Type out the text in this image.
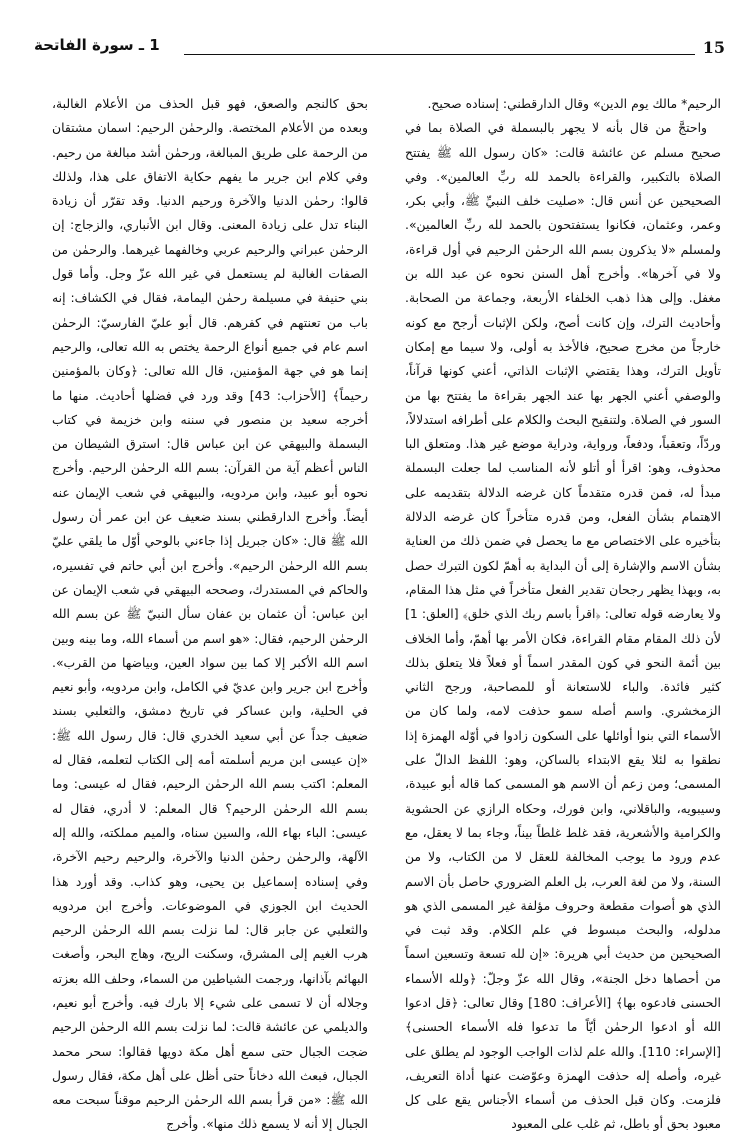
15
1 ـ سورة الفاتحة

الرحيم* مالك يوم الدين» وقال الدارقطني: إسناده صحيح.

واحتجَّ من قال بأنه لا يجهر بالبسملة في الصلاة بما في صحيح مسلم عن عائشة قالت: «كان رسول الله ﷺ يفتتح الصلاة بالتكبير، والقراءة بالحمد لله ربِّ العالمين». وفي الصحيحين عن أنس قال: «صليت خلف النبيِّ ﷺ، وأبي بكر، وعمر، وعثمان، فكانوا يستفتحون بالحمد لله ربِّ العالمين». ولمسلم «لا يذكرون بسم الله الرحمٰن الرحيم في أول قراءة، ولا في آخرها». وأخرج أهل السنن نحوه عن عبد الله بن مغفل. وإلى هذا ذهب الخلفاء الأربعة، وجماعة من الصحابة. وأحاديث الترك، وإن كانت أصح، ولكن الإثبات أرجح مع كونه خارجاً من مخرج صحيح، فالأخذ به أولى، ولا سيما مع إمكان تأويل الترك، وهذا يقتضي الإثبات الذاتي، أعني كونها قرآناً، والوصفي أعني الجهر بها عند الجهر بقراءة ما يفتتح بها من السور في الصلاة. ولتنقيح البحث والكلام على أطرافه استدلالاً، وردّاً، وتعقباً، ودفعاً، ورواية، ودراية موضع غير هذا. ومتعلق البا محذوف، وهو: اقرأ أو أتلو لأنه المناسب لما جعلت البسملة مبدأ له، فمن قدره متقدماً كان غرضه الدلالة بتقديمه على الاهتمام بشأن الفعل، ومن قدره متأخراً كان غرضه الدلالة بتأخيره على الاختصاص مع ما يحصل في ضمن ذلك من العناية بشأن الاسم والإشارة إلى أن البداية به أهمّ لكون التبرك حصل به، وبهذا يظهر رجحان تقدير الفعل متأخراً في مثل هذا المقام، ولا يعارضه قوله تعالى: ﴿اقرأ باسم ربك الذي خلق﴾ [العلق: 1] لأن ذلك المقام مقام القراءة، فكان الأمر بها أهمّ، وأما الخلاف بين أئمة النحو في كون المقدر اسماً أو فعلاً فلا يتعلق بذلك كثير فائدة. والباء للاستعانة أو للمصاحبة، ورجح الثاني الزمخشري. واسم أصله سمو حذفت لامه، ولما كان من الأسماء التي بنوا أوائلها على السكون زادوا في أوّله الهمزة إذا نطقوا به لئلا يقع الابتداء بالساكن، وهو: اللفظ الدالّ على المسمى؛ ومن زعم أن الاسم هو المسمى كما قاله أبو عبيدة، وسيبويه، والباقلاني، وابن فورك، وحكاه الرازي عن الحشوية والكرامية والأشعرية، فقد غلط غلطاً بيناً، وجاء بما لا يعقل، مع عدم ورود ما يوجب المخالفة للعقل لا من الكتاب، ولا من السنة، ولا من لغة العرب، بل العلم الضروري حاصل بأن الاسم الذي هو أصوات مقطعة وحروف مؤلفة غير المسمى الذي هو مدلوله، والبحث مبسوط في علم الكلام. وقد ثبت في الصحيحين من حديث أبي هريرة: «إن لله تسعة وتسعين اسماً من أحصاها دخل الجنة»، وقال الله عزّ وجلّ: ﴿ولله الأسماء الحسنى فادعوه بها﴾ [الأعراف: 180] وقال تعالى: ﴿قل ادعوا الله أو ادعوا الرحمٰن أيّاً ما تدعوا فله الأسماء الحسنى﴾ [الإسراء: 110]. والله علم لذات الواجب الوجود لم يطلق على غيره، وأصله إله حذفت الهمزة وعوّضت عنها أداة التعريف، فلزمت. وكان قبل الحذف من أسماء الأجناس يقع على كل معبود بحق أو باطل، ثم غلب على المعبود

بحق كالنجم والصعق، فهو قبل الحذف من الأعلام الغالبة، وبعده من الأعلام المختصة. والرحمٰن الرحيم: اسمان مشتقان من الرحمة على طريق المبالغة، ورحمٰن أشد مبالغة من رحيم. وفي كلام ابن جرير ما يفهم حكاية الاتفاق على هذا، ولذلك قالوا: رحمٰن الدنيا والآخرة ورحيم الدنيا. وقد تقرّر أن زيادة البناء تدل على زيادة المعنى. وقال ابن الأنباري، والزجاج: إن الرحمٰن عبراني والرحيم عربي وخالفهما غيرهما. والرحمٰن من الصفات الغالبة لم يستعمل في غير الله عزّ وجل. وأما قول بني حنيفة في مسيلمة رحمٰن اليمامة، فقال في الكشاف: إنه باب من تعنتهم في كفرهم. قال أبو عليّ الفارسيّ: الرحمٰن اسم عام في جميع أنواع الرحمة يختص به الله تعالى، والرحيم إنما هو في جهة المؤمنين، قال الله تعالى: ﴿وكان بالمؤمنين رحيماً﴾ [الأحزاب: 43] وقد ورد في فضلها أحاديث. منها ما أخرجه سعيد بن منصور في سننه وابن خزيمة في كتاب البسملة والبيهقي عن ابن عباس قال: استرق الشيطان من الناس أعظم آية من القرآن: بسم الله الرحمٰن الرحيم. وأخرج نحوه أبو عبيد، وابن مردويه، والبيهقي في شعب الإيمان عنه أيضاً. وأخرج الدارقطني بسند ضعيف عن ابن عمر أن رسول الله ﷺ قال: «كان جبريل إذا جاءني بالوحي أوّل ما يلقي عليّ بسم الله الرحمٰن الرحيم». وأخرج ابن أبي حاتم في تفسيره، والحاكم في المستدرك، وصححه البيهقي في شعب الإيمان عن ابن عباس: أن عثمان بن عفان سأل النبيّ ﷺ عن بسم الله الرحمٰن الرحيم، فقال: «هو اسم من أسماء الله، وما بينه وبين اسم الله الأكبر إلا كما بين سواد العين، وبياضها من القرب». وأخرج ابن جرير وابن عديّ في الكامل، وابن مردويه، وأبو نعيم في الحلية، وابن عساكر في تاريخ دمشق، والثعلبي بسند ضعيف جداً عن أبي سعيد الخدري قال: قال رسول الله ﷺ: «إن عيسى ابن مريم أسلمته أمه إلى الكتاب لتعلمه، فقال له المعلم: اكتب بسم الله الرحمٰن الرحيم، فقال له عيسى: وما بسم الله الرحمٰن الرحيم؟ قال المعلم: لا أدري، فقال له عيسى: الباء بهاء الله، والسين سناه، والميم مملكته، والله إله الآلهة، والرحمٰن رحمٰن الدنيا والآخرة، والرحيم رحيم الآخرة، وفي إسناده إسماعيل بن يحيى، وهو كذاب. وقد أورد هذا الحديث ابن الجوزي في الموضوعات. وأخرج ابن مردويه والثعلبي عن جابر قال: لما نزلت بسم الله الرحمٰن الرحيم هرب الغيم إلى المشرق، وسكنت الريح، وهاج البحر، وأصغت البهائم بآذانها، ورجمت الشياطين من السماء، وحلف الله بعزته وجلاله أن لا تسمى على شيء إلا بارك فيه. وأخرج أبو نعيم، والديلمي عن عائشة قالت: لما نزلت بسم الله الرحمٰن الرحيم ضجت الجبال حتى سمع أهل مكة دويها فقالوا: سحر محمد الجبال، فبعث الله دخاناً حتى أظل على أهل مكة، فقال رسول الله ﷺ: «من قرأ بسم الله الرحمٰن الرحيم موقناً سبحت معه الجبال إلا أنه لا يسمع ذلك منها». وأخرج
